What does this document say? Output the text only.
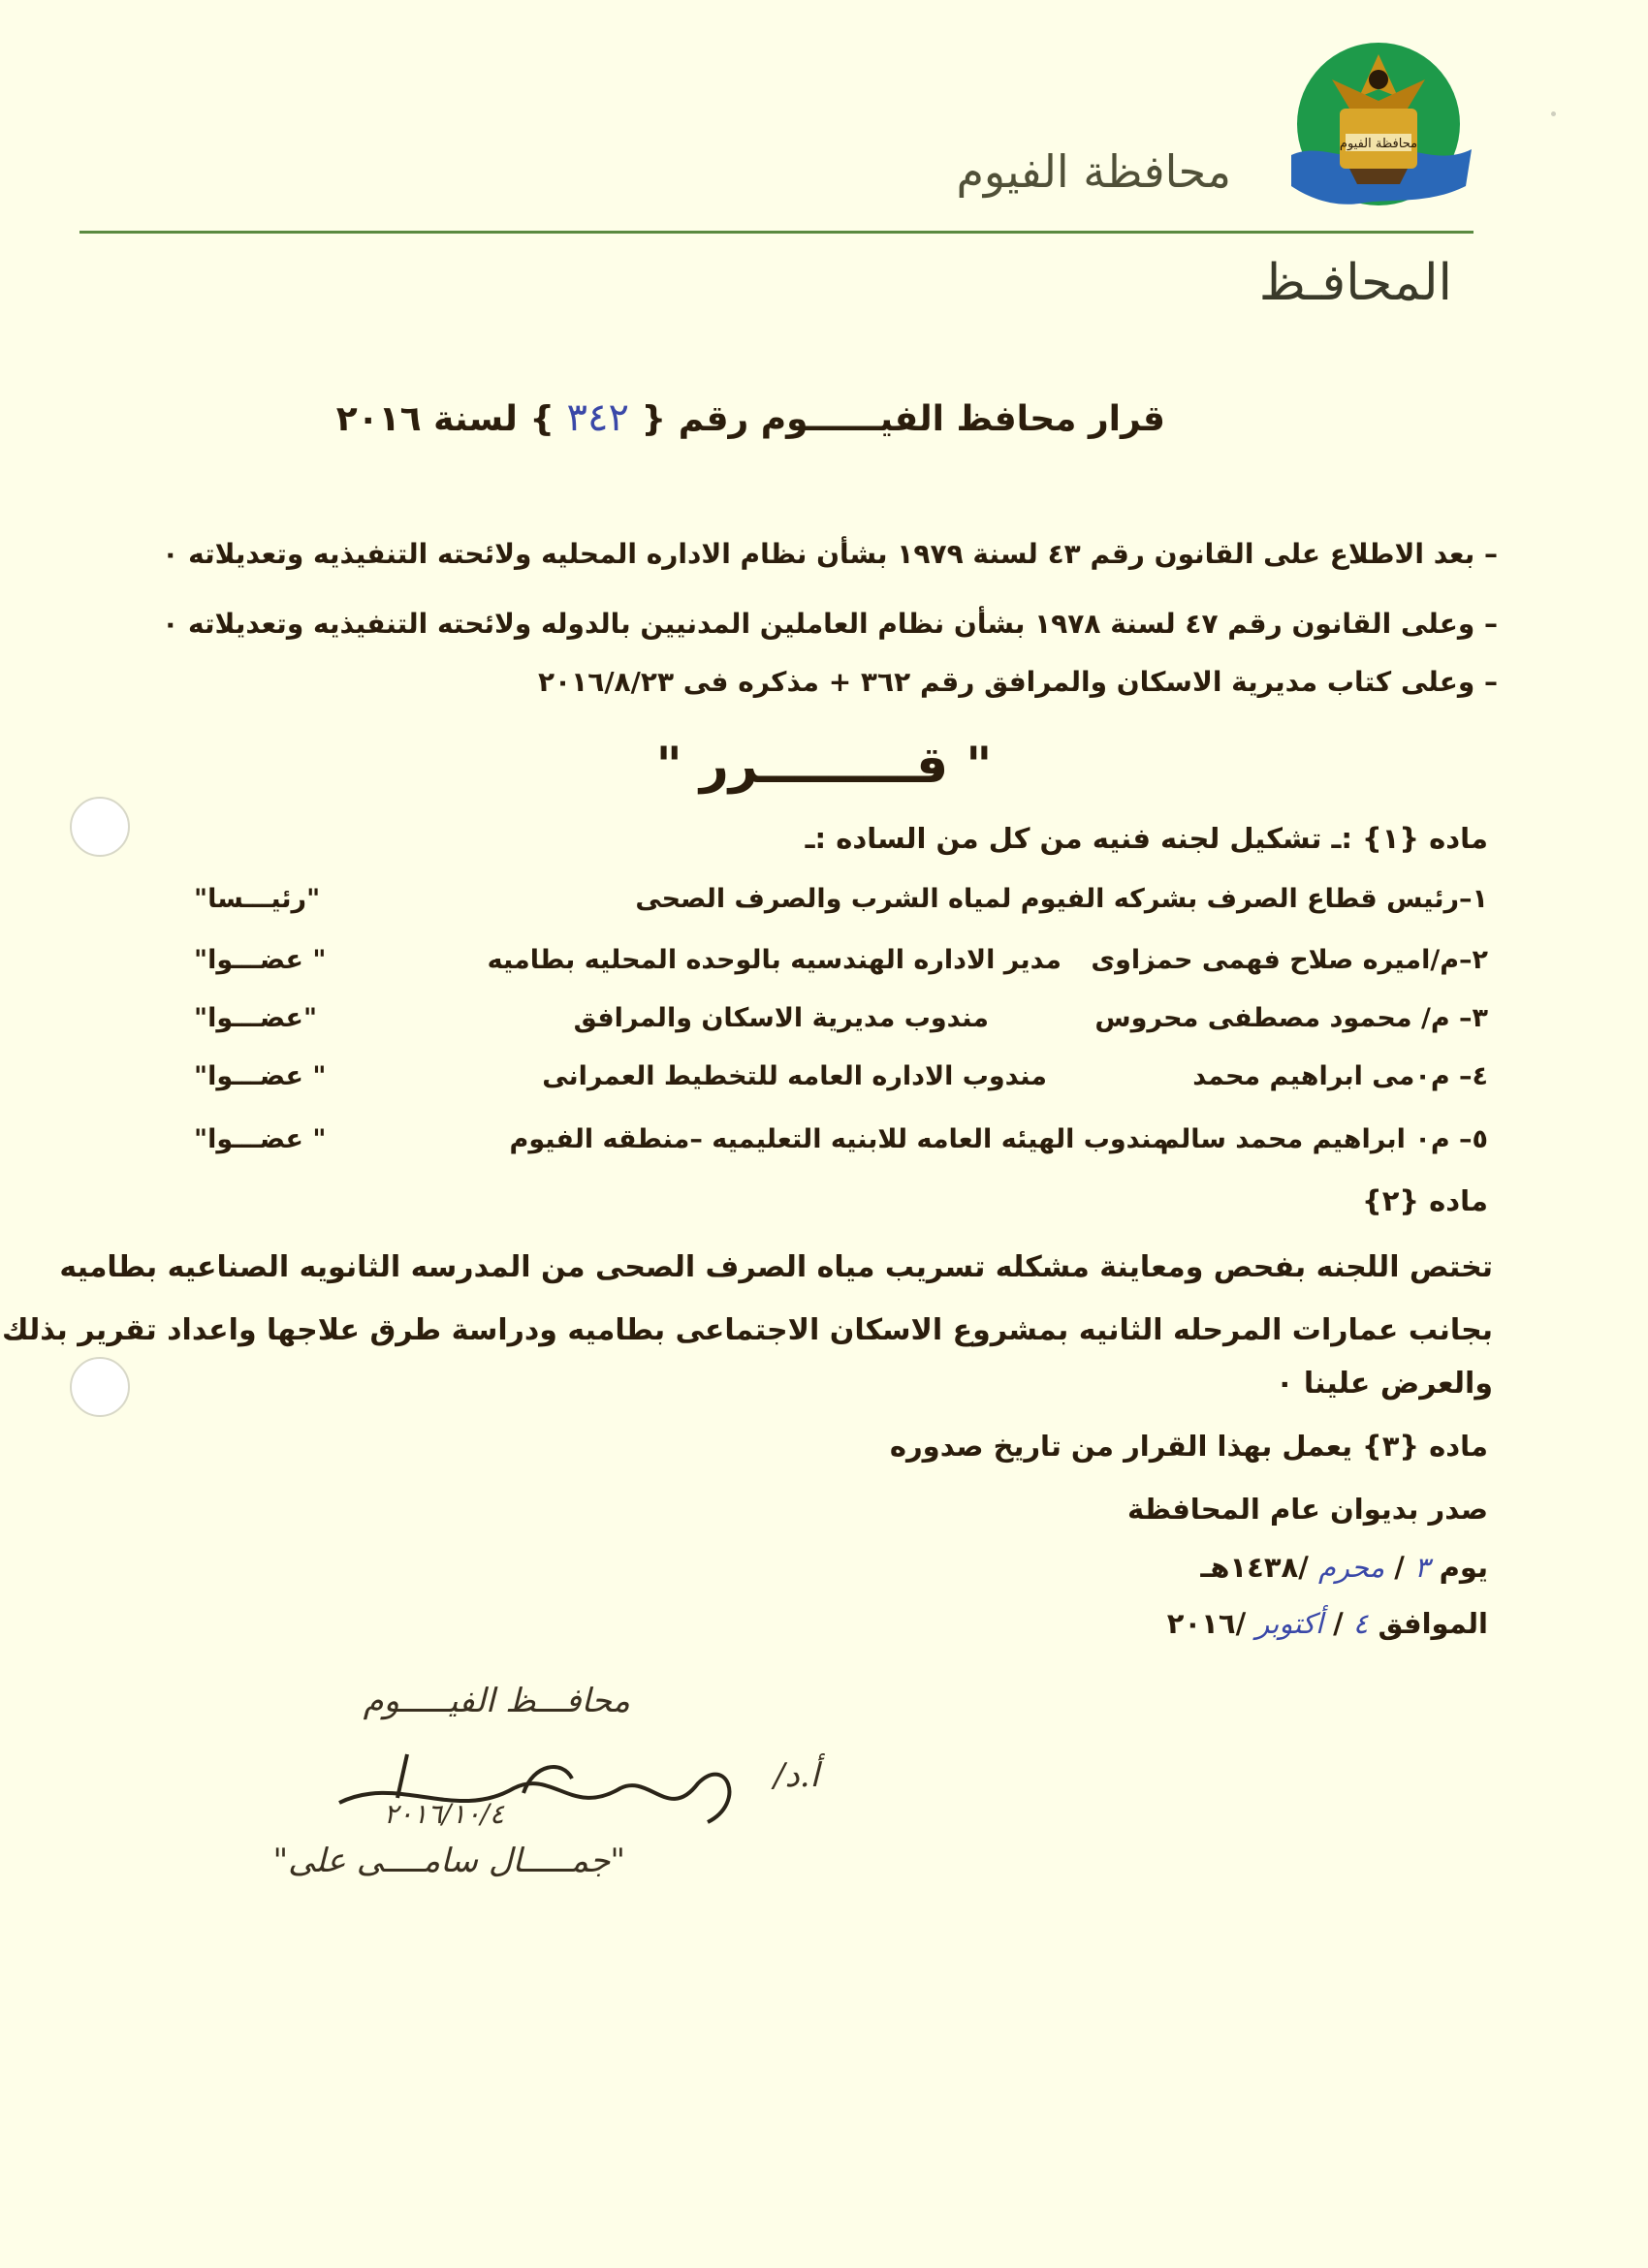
محافظة الفيوم
محافظة الفيوم
المحافـظ
قرار محافظ الفيــــــوم رقم { ٣٤٢ } لسنة ٢٠١٦
– بعد الاطلاع على القانون رقم ٤٣ لسنة ١٩٧٩ بشأن نظام الاداره المحليه ولائحته التنفيذيه وتعديلاته ٠
– وعلى القانون رقم ٤٧ لسنة ١٩٧٨ بشأن نظام العاملين المدنيين بالدوله ولائحته التنفيذيه وتعديلاته ٠
– وعلى كتاب مديرية الاسكان والمرافق رقم ٣٦٢ + مذكره فى ٢٠١٦/٨/٢٣
" قـــــــــرر "
ماده {١} :ـ تشكيل لجنه فنيه من كل من الساده :ـ
١–رئيس قطاع الصرف بشركه الفيوم لمياه الشرب والصرف الصحى
"رئيـــسا"
٢–م/اميره صلاح فهمى حمزاوى
مدير الاداره الهندسيه بالوحده المحليه بطاميه
" عضـــوا"
٣– م/ محمود مصطفى محروس
مندوب مديرية الاسكان والمرافق
"عضـــوا"
٤– م٠مى ابراهيم محمد
مندوب الاداره العامه للتخطيط العمرانى
" عضـــوا"
٥– م٠ ابراهيم محمد سالم
مندوب الهيئه العامه للابنيه التعليميه –منطقه الفيوم
" عضـــوا"
ماده {٢}
تختص اللجنه بفحص ومعاينة مشكله تسريب مياه الصرف الصحى من المدرسه الثانويه الصناعيه بطاميه
بجانب عمارات المرحله الثانيه بمشروع الاسكان الاجتماعى بطاميه ودراسة طرق علاجها واعداد تقرير بذلك
والعرض علينا ٠
ماده {٣} يعمل بهذا القرار من تاريخ صدوره
صدر بديوان عام المحافظة
يوم ٣ / محرم /١٤٣٨هـ
الموافق ٤ / أكتوبر /٢٠١٦
محافـــظ الفيـــــوم
أ.د/
٢٠١٦/١٠/٤
"جمـــــال سامــــى على"
